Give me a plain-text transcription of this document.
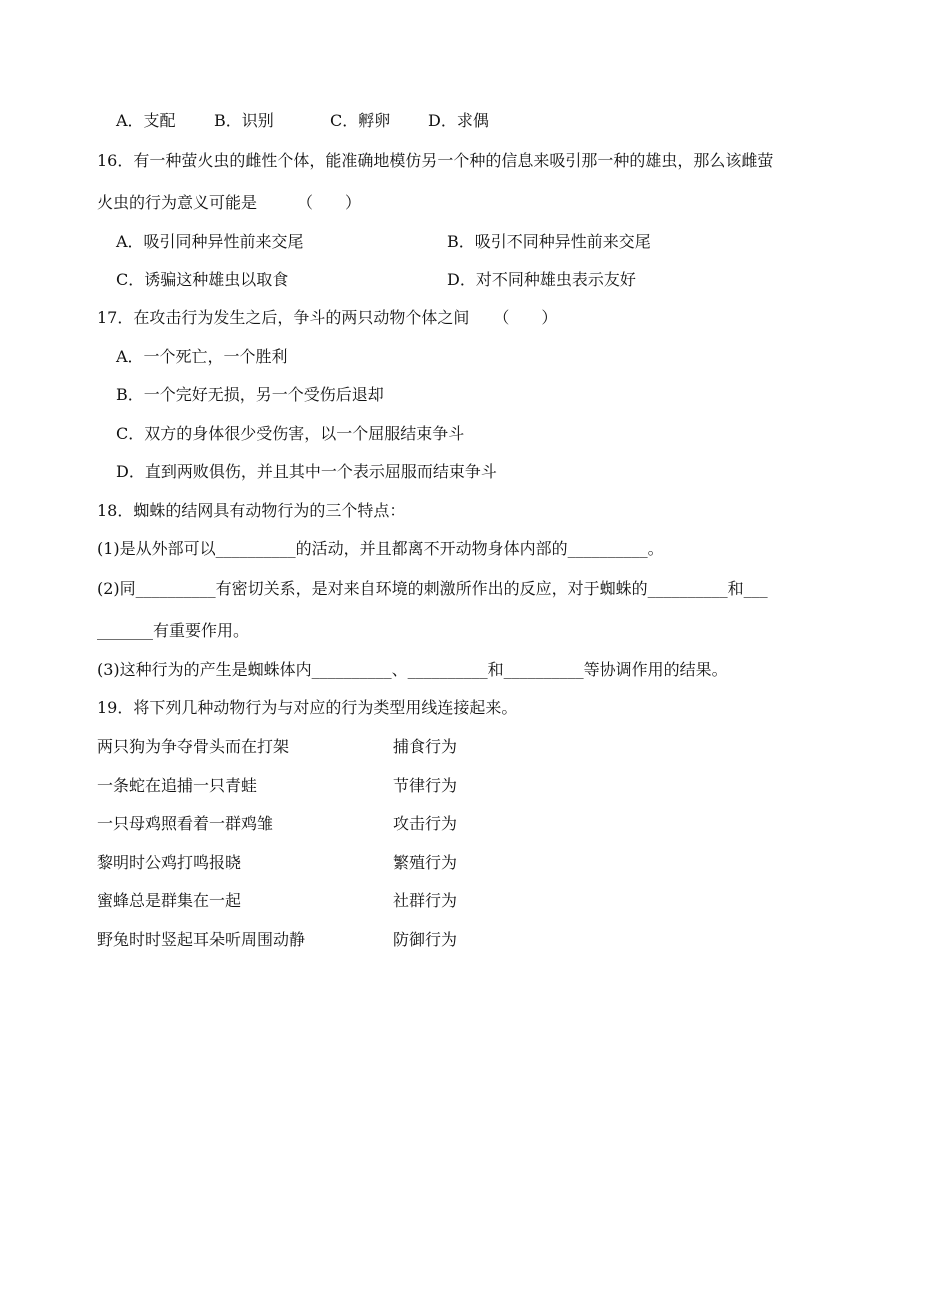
A．支配 B．识别	C．孵卵 D．求偶

16．有一种萤火虫的雌性个体，能准确地模仿另一个种的信息来吸引那一种的雄虫，那么该雌萤

火虫的行为意义可能是　　　（　　）

A．吸引同种异性前来交尾	B．吸引不同种异性前来交尾
C．诱骗这种雄虫以取食	D．对不同种雄虫表示友好

17．在攻击行为发生之后，争斗的两只动物个体之间　　（　　）

A．一个死亡，一个胜利

B．一个完好无损，另一个受伤后退却

C．双方的身体很少受伤害，以一个屈服结束争斗

D．直到两败俱伤，并且其中一个表示屈服而结束争斗

18．蜘蛛的结网具有动物行为的三个特点：

(1)是从外部可以__________的活动，并且都离不开动物身体内部的__________。

(2)同__________有密切关系，是对来自环境的刺激所作出的反应，对于蜘蛛的__________和___

_______有重要作用。

(3)这种行为的产生是蜘蛛体内__________、__________和__________等协调作用的结果。

19．将下列几种动物行为与对应的行为类型用线连接起来。

两只狗为争夺骨头而在打架	捕食行为

一条蛇在追捕一只青蛙	节律行为

一只母鸡照看着一群鸡雏	攻击行为

黎明时公鸡打鸣报晓	繁殖行为

蜜蜂总是群集在一起	社群行为

野兔时时竖起耳朵听周围动静	防御行为
